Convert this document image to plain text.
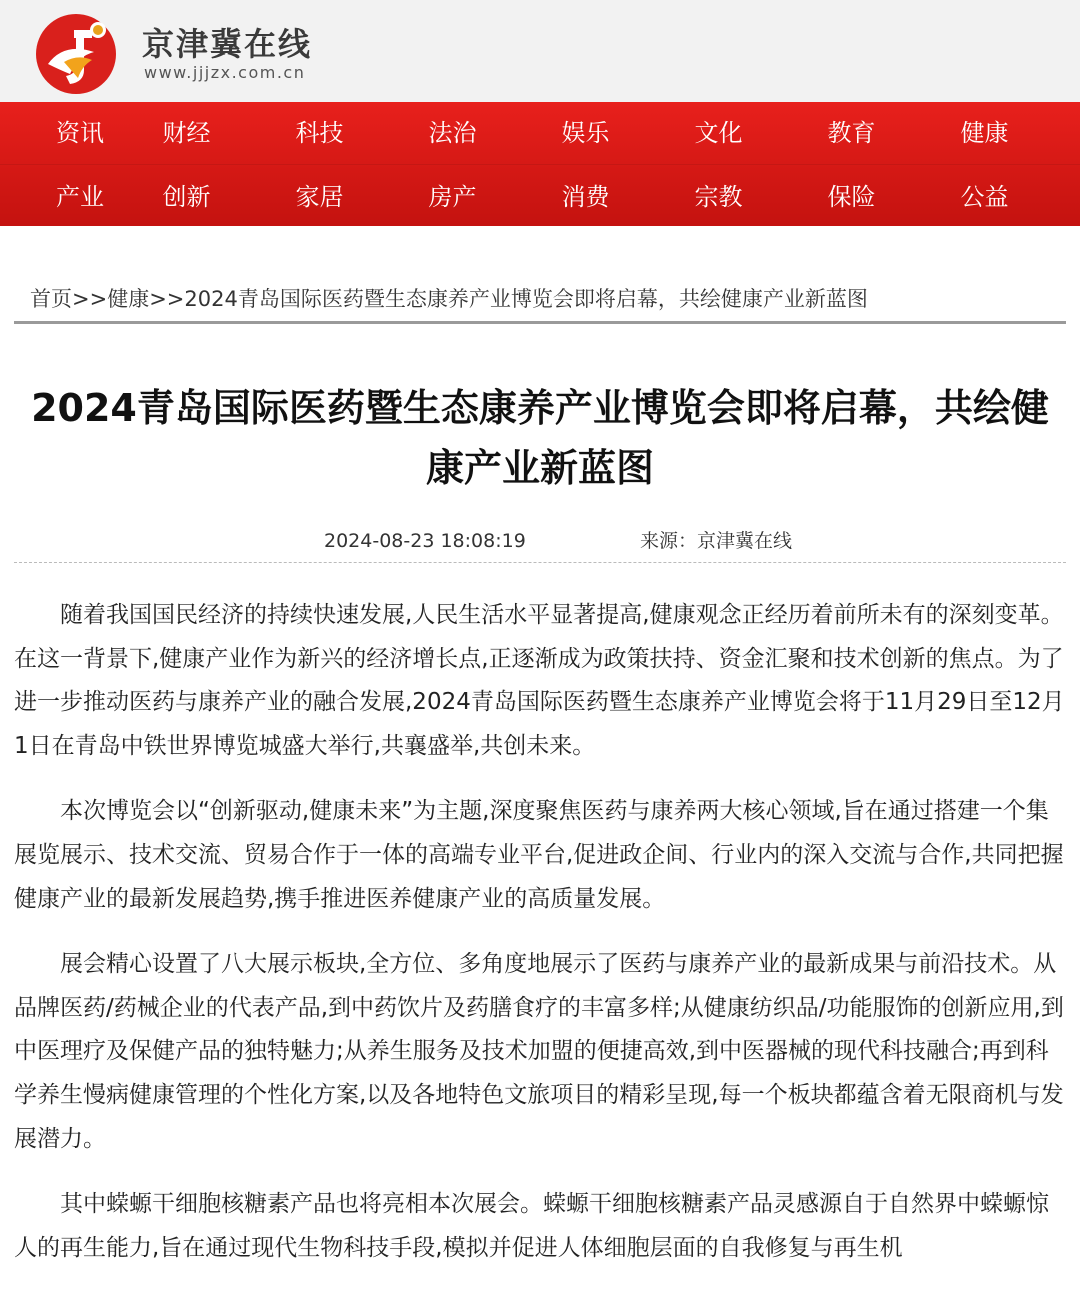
京津冀在线
www.jjjzx.com.cn
资讯	财经	科技	法治	娱乐	文化	教育	健康
产业	创新	家居	房产	消费	宗教	保险	公益
首页>>健康>>2024青岛国际医药暨生态康养产业博览会即将启幕，共绘健康产业新蓝图
2024青岛国际医药暨生态康养产业博览会即将启幕，共绘健康产业新蓝图
2024-08-23 18:08:19	来源：京津冀在线

随着我国国民经济的持续快速发展,人民生活水平显著提高,健康观念正经历着前所未有的深刻变革。在这一背景下,健康产业作为新兴的经济增长点,正逐渐成为政策扶持、资金汇聚和技术创新的焦点。为了进一步推动医药与康养产业的融合发展,2024青岛国际医药暨生态康养产业博览会将于11月29日至12月1日在青岛中铁世界博览城盛大举行,共襄盛举,共创未来。

本次博览会以“创新驱动,健康未来”为主题,深度聚焦医药与康养两大核心领域,旨在通过搭建一个集展览展示、技术交流、贸易合作于一体的高端专业平台,促进政企间、行业内的深入交流与合作,共同把握健康产业的最新发展趋势,携手推进医养健康产业的高质量发展。

展会精心设置了八大展示板块,全方位、多角度地展示了医药与康养产业的最新成果与前沿技术。从品牌医药/药械企业的代表产品,到中药饮片及药膳食疗的丰富多样;从健康纺织品/功能服饰的创新应用,到中医理疗及保健产品的独特魅力;从养生服务及技术加盟的便捷高效,到中医器械的现代科技融合;再到科学养生慢病健康管理的个性化方案,以及各地特色文旅项目的精彩呈现,每一个板块都蕴含着无限商机与发展潜力。

其中蝾螈干细胞核糖素产品也将亮相本次展会。蝾螈干细胞核糖素产品灵感源自于自然界中蝾螈惊人的再生能力,旨在通过现代生物科技手段,模拟并促进人体细胞层面的自我修复与再生机
